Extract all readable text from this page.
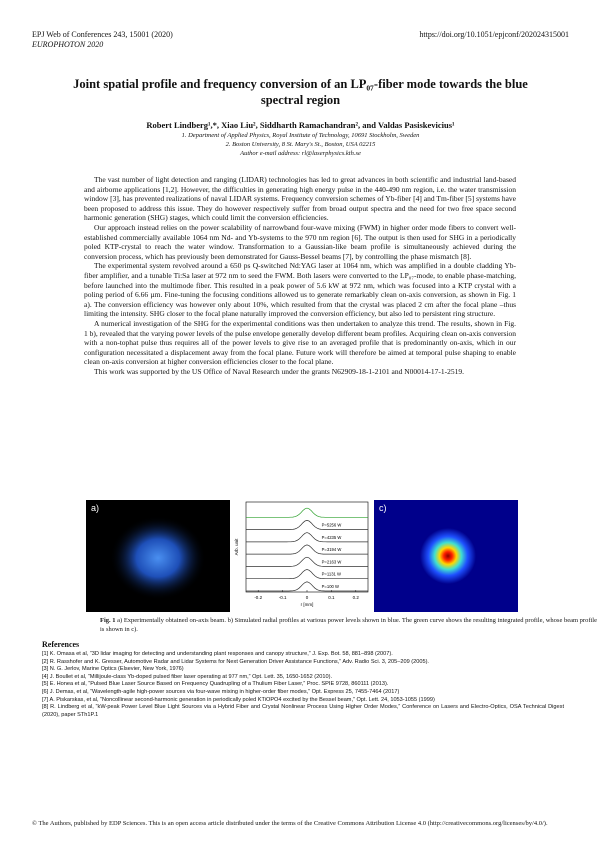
EPJ Web of Conferences 243, 15001 (2020)
EUROPHOTON 2020
https://doi.org/10.1051/epjconf/202024315001
Joint spatial profile and frequency conversion of an LP₀₇-fiber mode towards the blue spectral region
Robert Lindberg¹,*, Xiao Liu², Siddharth Ramachandran², and Valdas Pasiskevicius¹
1. Department of Applied Physics, Royal Institute of Technology, 10691 Stockholm, Sweden
2. Boston University, 8 St. Mary's St., Boston, USA 02215
Author e-mail address: rl@laserphysics.kth.se

The vast number of light detection and ranging (LIDAR) technologies has led to great advances in both scientific and industrial land-based and airborne applications [1,2]. However, the difficulties in generating high energy pulse in the 440-490 nm region, i.e. the water transmission window [3], has prevented realizations of naval LIDAR systems. Frequency conversion schemes of Yb-fiber [4] and Tm-fiber [5] systems have been proposed to address this issue. They do however respectively suffer from broad output spectra and the need for two free space second harmonic generation (SHG) stages, which could limit the conversion efficiencies.

Our approach instead relies on the power scalability of narrowband four-wave mixing (FWM) in higher order mode fibers to convert well-established commercially available 1064 nm Nd- and Yb-systems to the 970 nm region [6]. The output is then used for SHG in a periodically poled KTP-crystal to reach the water window. Transformation to a Gaussian-like beam profile is simultaneously achieved during the conversion process, which has previously been demonstrated for Gauss-Bessel beams [7], by controlling the phase mismatch [8].

The experimental system revolved around a 650 ps Q-switched Nd:YAG laser at 1064 nm, which was amplified in a double cladding Yb-fiber amplifier, and a tunable Ti:Sa laser at 972 nm to seed the FWM. Both lasers were converted to the LP₀₇-mode, to enable phase-matching, before launched into the multimode fiber. This resulted in a peak power of 5.6 kW at 972 nm, which was focused into a KTP crystal with a poling period of 6.66 µm. Fine-tuning the focusing conditions allowed us to generate remarkably clean on-axis conversion, as shown in Fig. 1 a). The conversion efficiency was however only about 10%, which resulted from that the crystal was placed 2 cm after the focal plane –thus limiting the intensity. SHG closer to the focal plane naturally improved the conversion efficiency, but also led to persistent ring structure.

A numerical investigation of the SHG for the experimental conditions was then undertaken to analyze this trend. The results, shown in Fig. 1 b), revealed that the varying power levels of the pulse envelope generally develop different beam profiles. Acquiring clean on-axis conversion with a non-tophat pulse thus requires all of the power levels to give rise to an averaged profile that is predominantly on-axis, which in our configuration necessitated a displacement away from the focal plane. Future work will therefore be aimed at temporal pulse shaping to enable clean on-axis conversion at higher conversion efficiencies closer to the focal plane.

This work was supported by the US Office of Naval Research under the grants N62909-18-1-2101 and N00014-17-1-2519.

a)	b)
-0.2	-0.1	0	0.1	0.2
r [mm]
Arb. unit
P=5256 W
P=4235 W
P=3194 W
P=2163 W
P=1131 W
P=100 W
c)
Fig. 1 a) Experimentally obtained on-axis beam. b) Simulated radial profiles at various power levels shown in blue. The green curve shows the resulting integrated profile, whose beam profile is shown in c).
References
[1] K. Omasa et al, “3D lidar imaging for detecting and understanding plant responses and canopy structure,” J. Exp. Bot. 58, 881–898 (2007).
[2] R. Rasshofer and K. Gresser, Automotive Radar and Lidar Systems for Next Generation Driver Assistance Functions,” Adv. Radio Sci. 3, 205–209 (2005).
[3] N. G. Jerlov, Marine Optics (Elsevier, New York, 1976)
[4] J. Boullet et al, “Millijoule-class Yb-doped pulsed fiber laser operating at 977 nm,” Opt. Lett. 35, 1650-1652 (2010).
[5] E. Honea et al, “Pulsed Blue Laser Source Based on Frequency Quadrupling of a Thulium Fiber Laser,” Proc. SPIE 9728, 860111 (2013).
[6] J. Demas, et al, “Wavelength-agile high-power sources via four-wave mixing in higher-order fiber modes,” Opt. Express 25, 7455-7464 (2017)
[7] A. Piskarskas, et al, “Noncollinear second-harmonic generation in periodically poled KTiOPO4 excited by the Bessel beam,” Opt. Lett. 24, 1053-1055 (1999)
[8] R. Lindberg et al, “kW-peak Power Level Blue Light Sources via a Hybrid Fiber and Crystal Nonlinear Process Using Higher Order Modes,” Conference on Lasers and Electro-Optics, OSA Technical Digest (2020), paper STh1P.1
© The Authors, published by EDP Sciences. This is an open access article distributed under the terms of the Creative Commons Attribution License 4.0 (http://creativecommons.org/licenses/by/4.0/).
